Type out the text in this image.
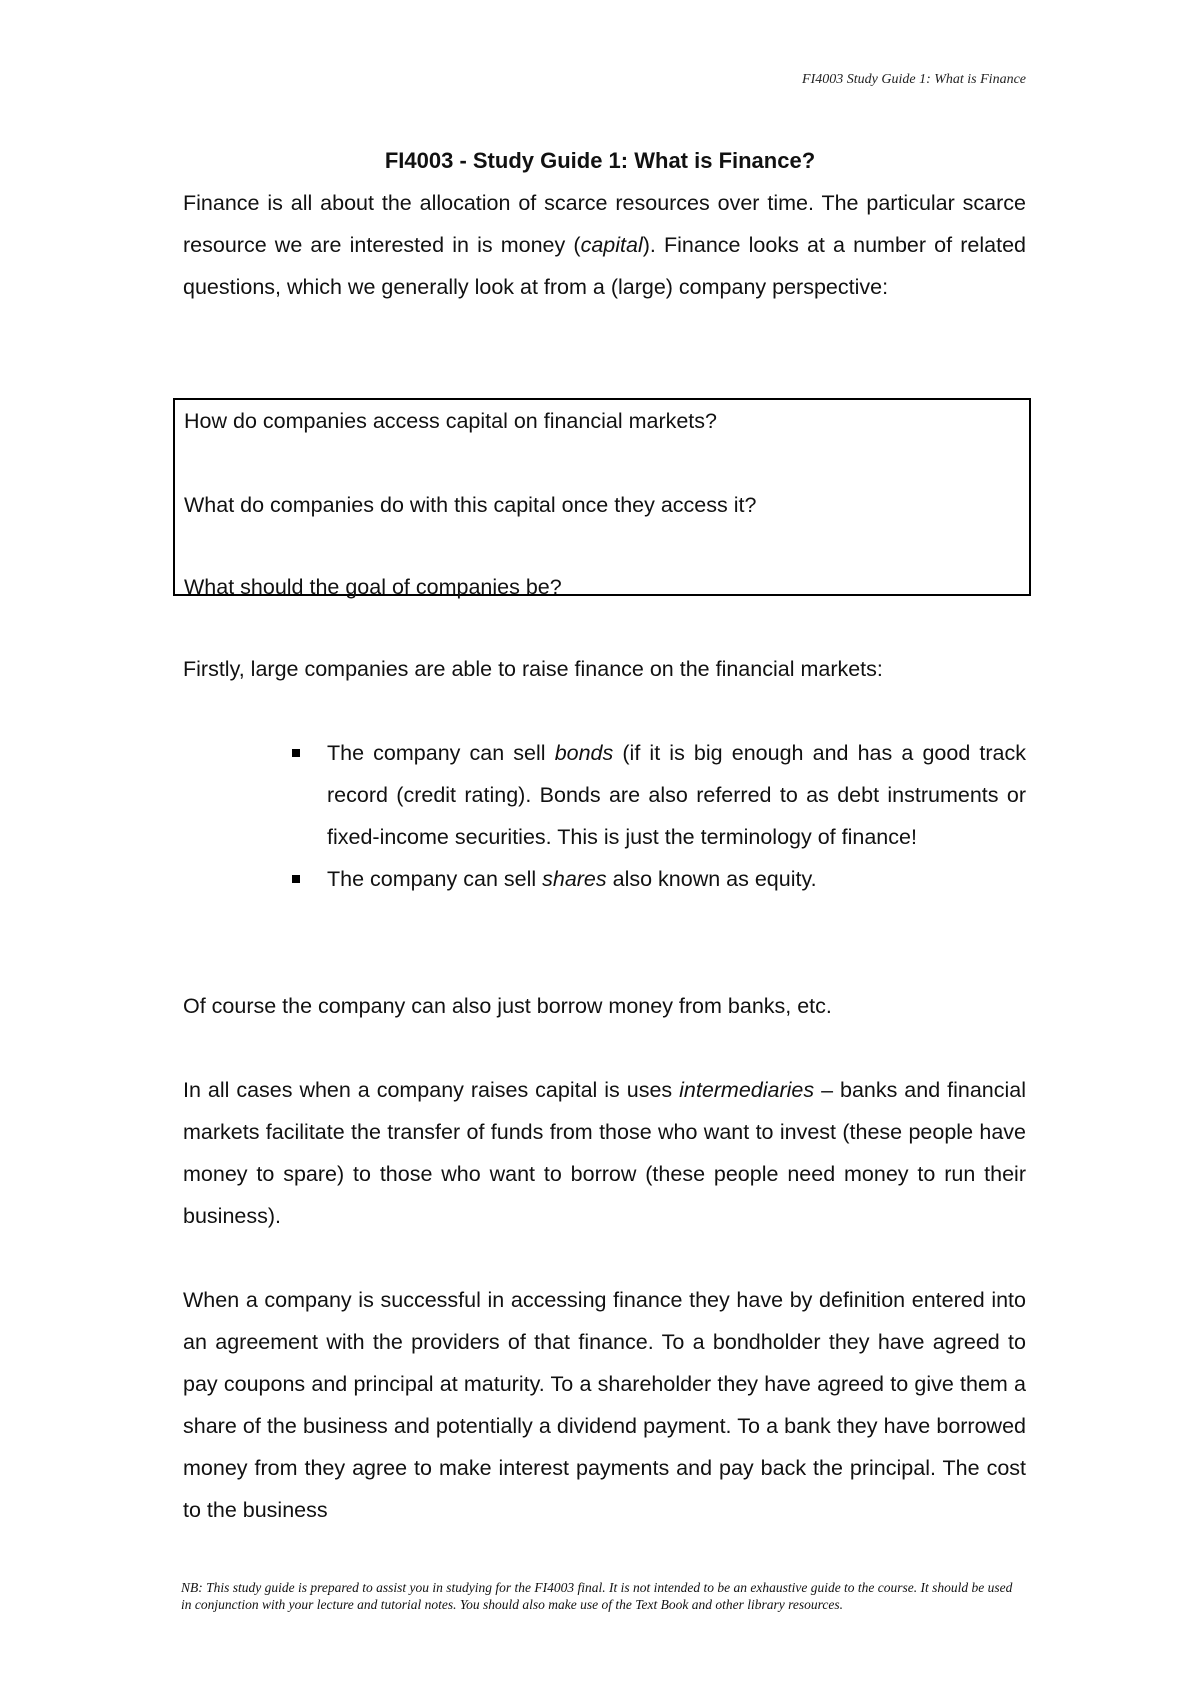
FI4003 Study Guide 1: What is Finance
FI4003 - Study Guide 1: What is Finance?

Finance is all about the allocation of scarce resources over time. The particular scarce resource we are interested in is money (capital). Finance looks at a number of related questions, which we generally look at from a (large) company perspective:

How do companies access capital on financial markets?

What do companies do with this capital once they access it?

What should the goal of companies be?

Firstly, large companies are able to raise finance on the financial markets:

The company can sell bonds (if it is big enough and has a good track record (credit rating). Bonds are also referred to as debt instruments or fixed-income securities. This is just the terminology of finance!
The company can sell shares also known as equity.

Of course the company can also just borrow money from banks, etc.

In all cases when a company raises capital is uses intermediaries – banks and financial markets facilitate the transfer of funds from those who want to invest (these people have money to spare) to those who want to borrow (these people need money to run their business).

When a company is successful in accessing finance they have by definition entered into an agreement with the providers of that finance. To a bondholder they have agreed to pay coupons and principal at maturity. To a shareholder they have agreed to give them a share of the business and potentially a dividend payment. To a bank they have borrowed money from they agree to make interest payments and pay back the principal. The cost to the business

NB: This study guide is prepared to assist you in studying for the FI4003 final. It is not intended to be an exhaustive guide to the course. It should be used in conjunction with your lecture and tutorial notes. You should also make use of the Text Book and other library resources.
